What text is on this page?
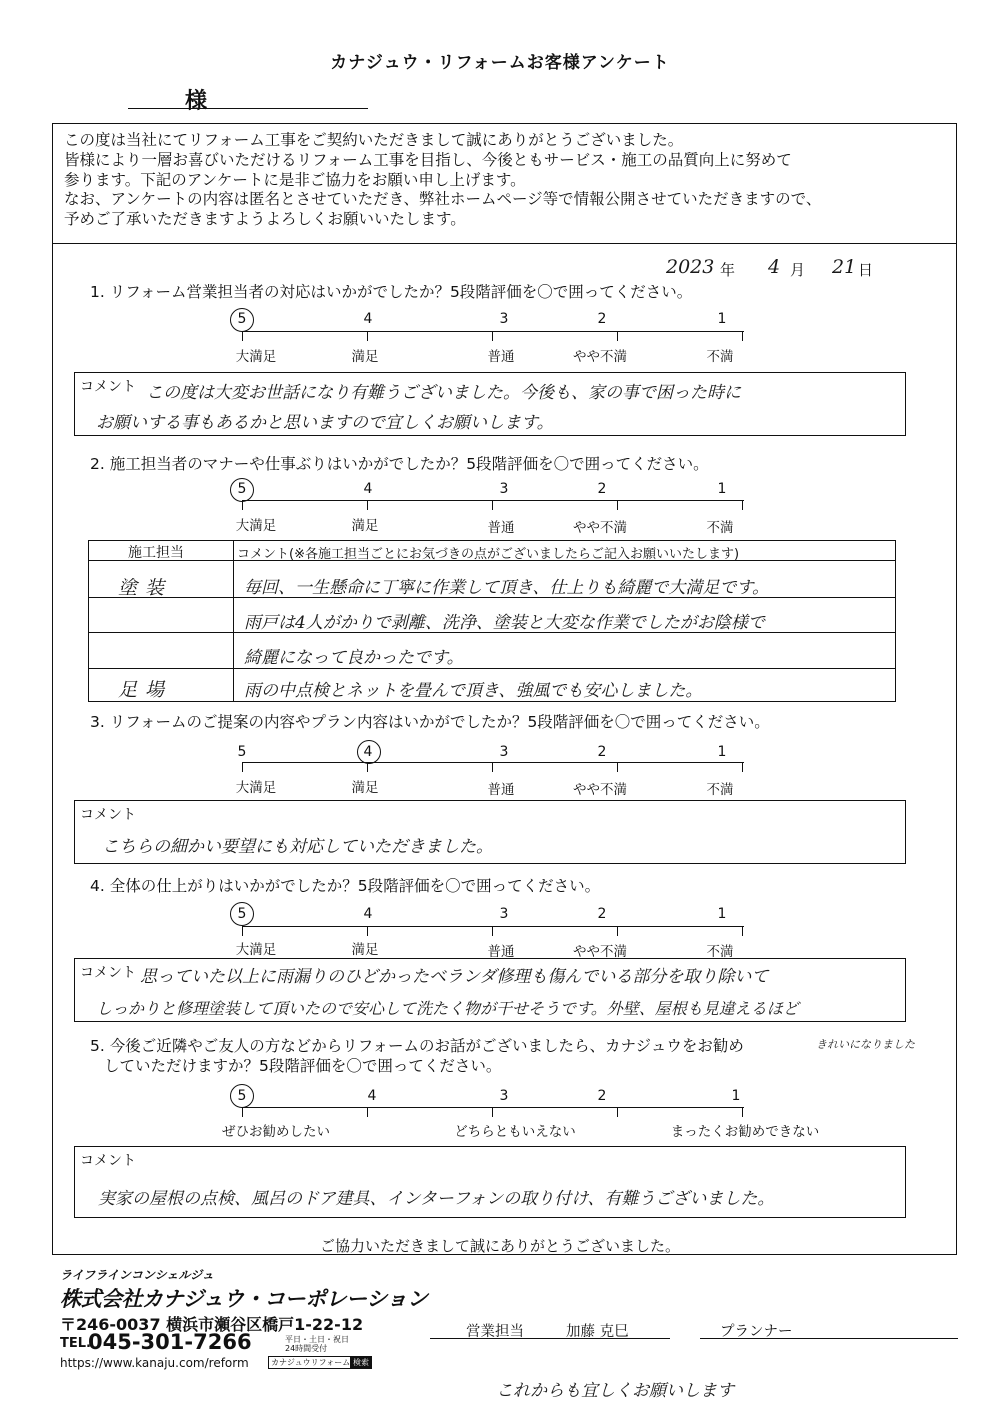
カナジュウ・リフォームお客様アンケート
様
この度は当社にてリフォーム工事をご契約いただきまして誠にありがとうございました。
皆様により一層お喜びいただけるリフォーム工事を目指し、今後ともサービス・施工の品質向上に努めて
参ります。下記のアンケートに是非ご協力をお願い申し上げます。
なお、アンケートの内容は匿名とさせていただき、弊社ホームページ等で情報公開させていただきますので、
予めご了承いただきますようよろしくお願いいたします。
2023 年 4 月 21 日
1. リフォーム営業担当者の対応はいかがでしたか？5段階評価を〇で囲ってください。
5	4	3	2	1
大満足	満足	普通	やや不満	不満
コメント この度は大変お世話になり有難うございました。今後も、家の事で困った時に
お願いする事もあるかと思いますので宜しくお願いします。
2. 施工担当者のマナーや仕事ぶりはいかがでしたか？5段階評価を〇で囲ってください。
5	4	3	2	1
大満足	満足	普通	やや不満	不満
施工担当	コメント(※各施工担当ごとにお気づきの点がございましたらご記入お願いいたします)
塗装	毎回、一生懸命に丁寧に作業して頂き、仕上りも綺麗で大満足です。
雨戸は4人がかりで剥離、洗浄、塗装と大変な作業でしたがお陰様で
綺麗になって良かったです。
足場	雨の中点検とネットを畳んで頂き、強風でも安心しました。
3. リフォームのご提案の内容やプラン内容はいかがでしたか？5段階評価を〇で囲ってください。
5	4	3	2	1
大満足	満足	普通	やや不満	不満
コメント
こちらの細かい要望にも対応していただきました。
4. 全体の仕上がりはいかがでしたか？5段階評価を〇で囲ってください。
5	4	3	2	1
大満足	満足	普通	やや不満	不満
コメント 思っていた以上に雨漏りのひどかったベランダ修理も傷んでいる部分を取り除いて
しっかりと修理塗装して頂いたので安心して洗たく物が干せそうです。外壁、屋根も見違えるほど
きれいになりました
5. 今後ご近隣やご友人の方などからリフォームのお話がございましたら、カナジュウをお勧め
していただけますか？5段階評価を〇で囲ってください。
5	4	3	2	1
ぜひお勧めしたい	どちらともいえない	まったくお勧めできない
コメント
実家の屋根の点検、風呂のドア建具、インターフォンの取り付け、有難うございました。
ご協力いただきまして誠にありがとうございました。
ライフラインコンシェルジュ
株式会社カナジュウ・コーポレーション
〒246-0037 横浜市瀬谷区橋戸1-22-12
TEL.
045-301-7266	平日・土日・祝日
24時間受付
https://www.kanaju.com/reform	カナジュウリフォーム 検索
営業担当	加藤 克巳	プランナー
これからも宜しくお願いします
